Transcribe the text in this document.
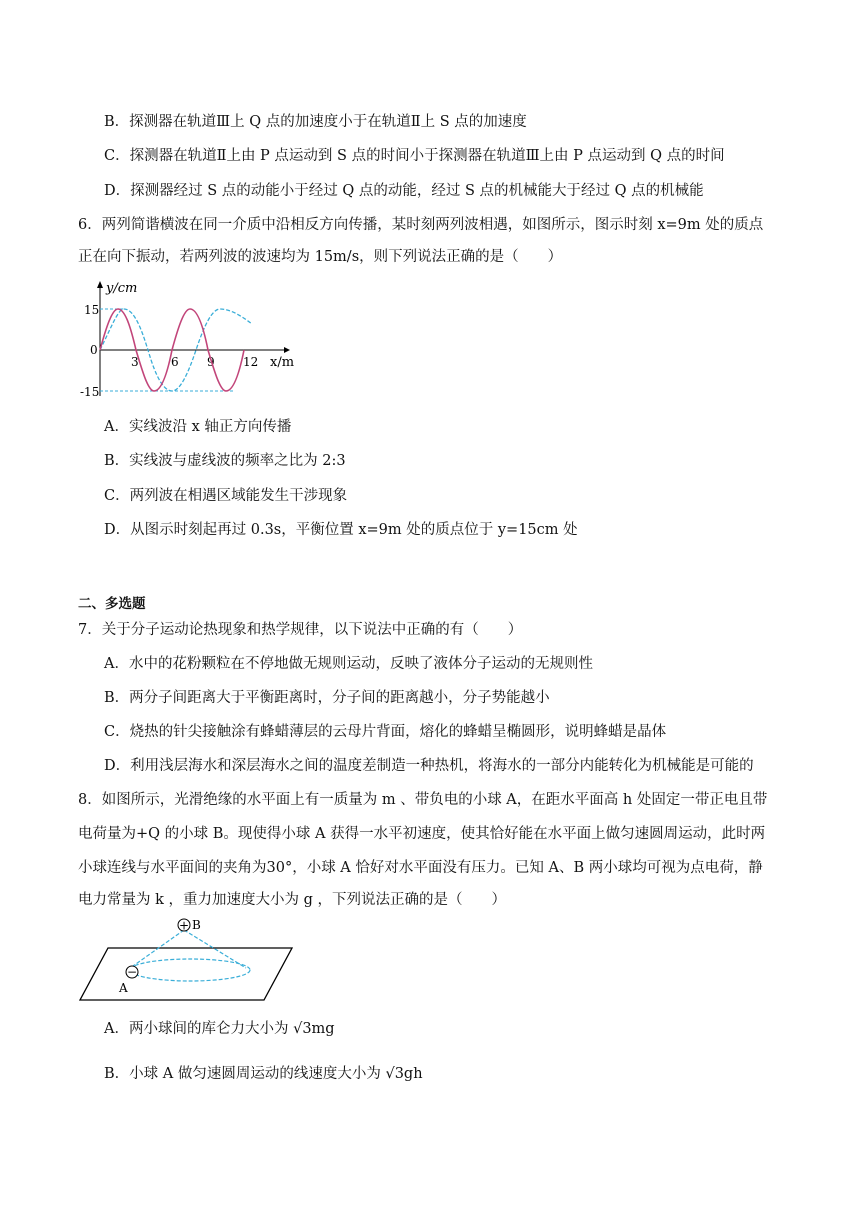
B．探测器在轨道Ⅲ上 Q 点的加速度小于在轨道Ⅱ上 S 点的加速度
C．探测器在轨道Ⅱ上由 P 点运动到 S 点的时间小于探测器在轨道Ⅲ上由 P 点运动到 Q 点的时间
D．探测器经过 S 点的动能小于经过 Q 点的动能，经过 S 点的机械能大于经过 Q 点的机械能
6．两列简谐横波在同一介质中沿相反方向传播，某时刻两列波相遇，如图所示，图示时刻 x=9m 处的质点
正在向下振动，若两列波的波速均为 15m/s，则下列说法正确的是（　　）
y/cm
x/m
15
0
-15
3	6 9 12
A．实线波沿 x 轴正方向传播
B．实线波与虚线波的频率之比为 2:3
C．两列波在相遇区域能发生干涉现象
D．从图示时刻起再过 0.3s，平衡位置 x=9m 处的质点位于 y=15cm 处
二、多选题
7．关于分子运动论热现象和热学规律，以下说法中正确的有（　　）
A．水中的花粉颗粒在不停地做无规则运动，反映了液体分子运动的无规则性
B．两分子间距离大于平衡距离时，分子间的距离越小，分子势能越小
C．烧热的针尖接触涂有蜂蜡薄层的云母片背面，熔化的蜂蜡呈椭圆形，说明蜂蜡是晶体
D．利用浅层海水和深层海水之间的温度差制造一种热机，将海水的一部分内能转化为机械能是可能的
8．如图所示，光滑绝缘的水平面上有一质量为 m 、带负电的小球 A，在距水平面高 h 处固定一带正电且带
电荷量为+Q 的小球 B。现使得小球 A 获得一水平初速度，使其恰好能在水平面上做匀速圆周运动，此时两
小球连线与水平面间的夹角为30°，小球 A 恰好对水平面没有压力。已知 A、B 两小球均可视为点电荷，静
电力常量为 k ，重力加速度大小为 g ，下列说法正确的是（　　）
+ B
−
A
A．两小球间的库仑力大小为 √3mg
B．小球 A 做匀速圆周运动的线速度大小为 √3gh
